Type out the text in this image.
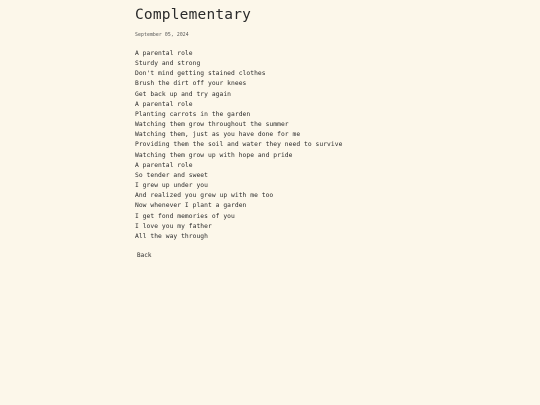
Complementary
September 05, 2024
A parental role
Sturdy and strong
Don't mind getting stained clothes
Brush the dirt off your knees
Get back up and try again
A parental role
Planting carrots in the garden
Watching them grow throughout the summer
Watching them, just as you have done for me
Providing them the soil and water they need to survive
Watching them grow up with hope and pride
A parental role
So tender and sweet
I grew up under you
And realized you grew up with me too
Now whenever I plant a garden
I get fond memories of you
I love you my father
All the way through
Back
